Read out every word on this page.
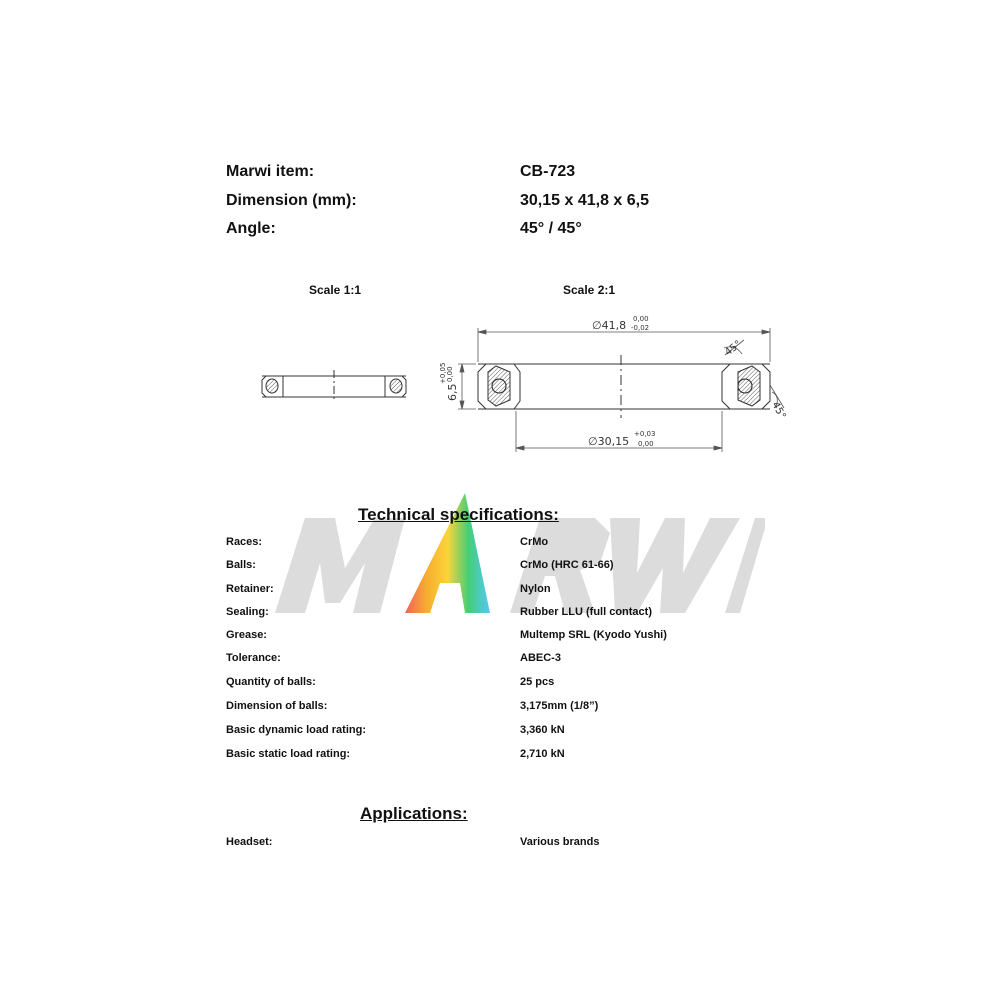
Marwi item:	CB-723
Dimension (mm):	30,15 x 41,8 x 6,5
Angle:	45° / 45°
Scale 1:1	Scale 2:1
∅41,8 0,00
-0,02
∅30,15
+0,03
0,00
6,5
+0,05 0,00
45°
45°
Technical specifications:
Races:	CrMo
Balls:	CrMo (HRC 61-66)
Retainer:	Nylon
Sealing:	Rubber LLU (full contact)
Grease:	Multemp SRL (Kyodo Yushi)
Tolerance:	ABEC-3
Quantity of balls:	25 pcs
Dimension of balls:	3,175mm (1/8”)
Basic dynamic load rating:	3,360 kN
Basic static load rating:	2,710 kN
Applications:
Headset:	Various brands
